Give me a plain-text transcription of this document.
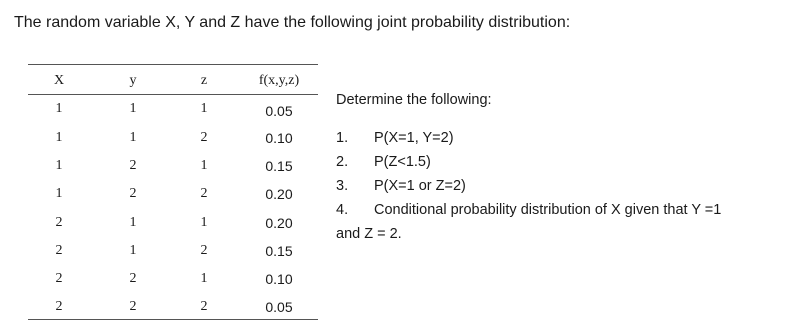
The random variable X, Y and Z have the following joint probability distribution:
X	y	z	f(x,y,z)
1	1	1	0.05
1	1	2	0.10
1	2	1	0.15
1	2	2	0.20
2	1	1	0.20
2	1	2	0.15
2	2	1	0.10
2	2	2	0.05
Determine the following:
1. P(X=1, Y=2)
2. P(Z<1.5)
3. P(X=1 or Z=2)
4. Conditional probability distribution of X given that Y =1
and Z = 2.
